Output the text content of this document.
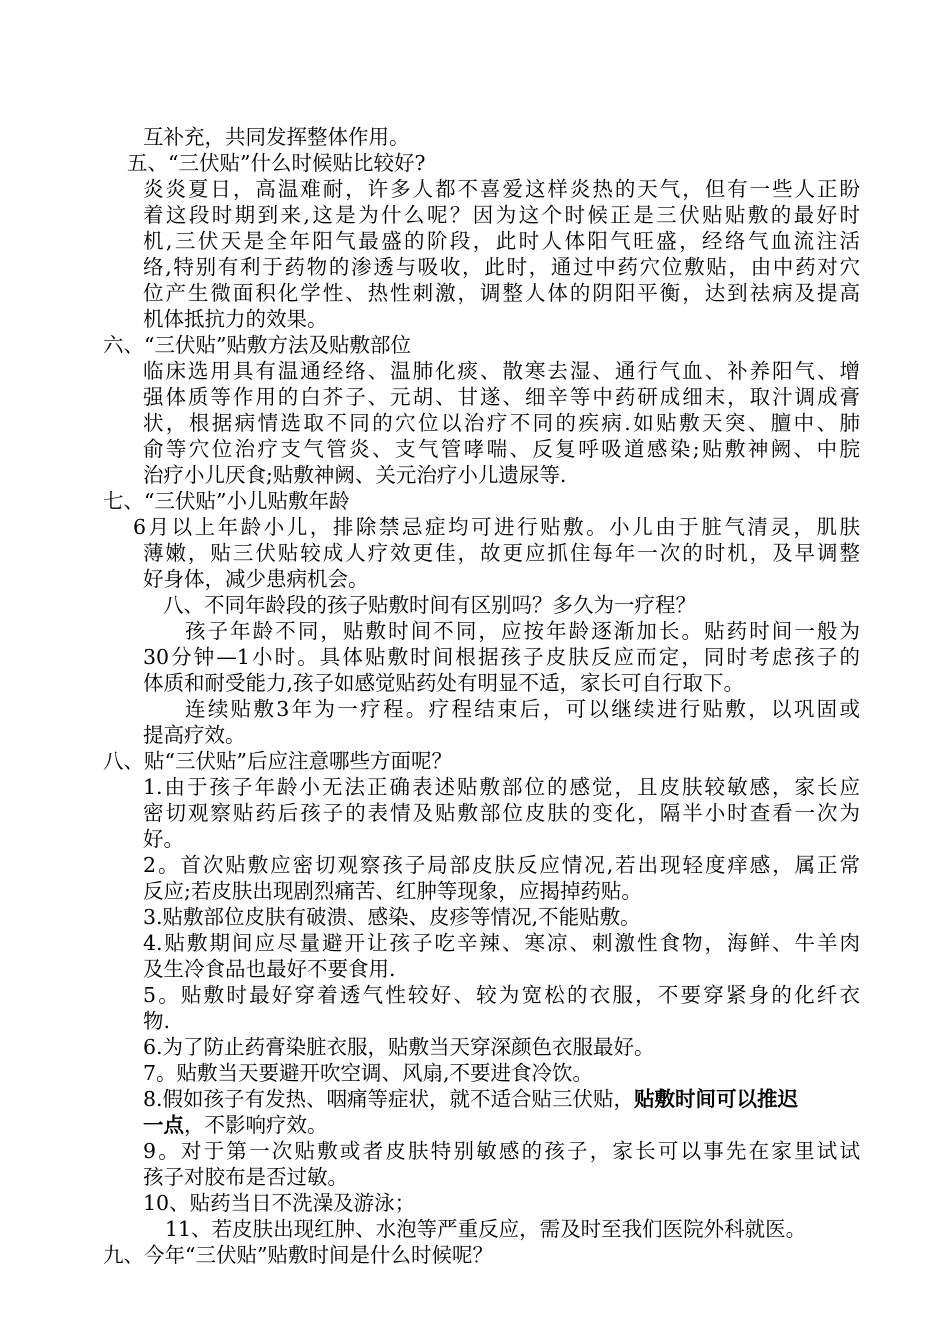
互补充，共同发挥整体作用。
五、“三伏贴”什么时候贴比较好?
炎炎夏日，高温难耐，许多人都不喜爱这样炎热的天气，但有一些人正盼
着这段时期到来,这是为什么呢？因为这个时候正是三伏贴贴敷的最好时
机,三伏天是全年阳气最盛的阶段，此时人体阳气旺盛，经络气血流注活
络,特别有利于药物的渗透与吸收，此时，通过中药穴位敷贴，由中药对穴
位产生微面积化学性、热性刺激，调整人体的阴阳平衡，达到祛病及提高
机体抵抗力的效果。
六、“三伏贴”贴敷方法及贴敷部位
临床选用具有温通经络、温肺化痰、散寒去湿、通行气血、补养阳气、增
强体质等作用的白芥子、元胡、甘遂、细辛等中药研成细末，取汁调成膏
状，根据病情选取不同的穴位以治疗不同的疾病.如贴敷天突、膻中、肺
俞等穴位治疗支气管炎、支气管哮喘、反复呼吸道感染;贴敷神阙、中脘
治疗小儿厌食;贴敷神阙、关元治疗小儿遗尿等.
七、“三伏贴”小儿贴敷年龄
6月以上年龄小儿，排除禁忌症均可进行贴敷。小儿由于脏气清灵，肌肤
薄嫩，贴三伏贴较成人疗效更佳，故更应抓住每年一次的时机，及早调整
好身体，减少患病机会。
八、不同年龄段的孩子贴敷时间有区别吗？多久为一疗程？
孩子年龄不同，贴敷时间不同，应按年龄逐渐加长。贴药时间一般为
30分钟—1小时。具体贴敷时间根据孩子皮肤反应而定，同时考虑孩子的
体质和耐受能力,孩子如感觉贴药处有明显不适，家长可自行取下。
连续贴敷3年为一疗程。疗程结束后，可以继续进行贴敷，以巩固或
提高疗效。
八、贴“三伏贴”后应注意哪些方面呢？
1.由于孩子年龄小无法正确表述贴敷部位的感觉，且皮肤较敏感，家长应
密切观察贴药后孩子的表情及贴敷部位皮肤的变化，隔半小时查看一次为
好。
2。首次贴敷应密切观察孩子局部皮肤反应情况,若出现轻度痒感，属正常
反应;若皮肤出现剧烈痛苦、红肿等现象，应揭掉药贴。
3.贴敷部位皮肤有破溃、感染、皮疹等情况,不能贴敷。
4.贴敷期间应尽量避开让孩子吃辛辣、寒凉、刺激性食物，海鲜、牛羊肉
及生冷食品也最好不要食用.
5。贴敷时最好穿着透气性较好、较为宽松的衣服，不要穿紧身的化纤衣
物.
6.为了防止药膏染脏衣服，贴敷当天穿深颜色衣服最好。
7。贴敷当天要避开吹空调、风扇,不要进食冷饮。
8.假如孩子有发热、咽痛等症状，就不适合贴三伏贴，贴敷时间可以推迟
一点，不影响疗效。
9。对于第一次贴敷或者皮肤特别敏感的孩子，家长可以事先在家里试试
孩子对胶布是否过敏。
10、贴药当日不洗澡及游泳；
11、若皮肤出现红肿、水泡等严重反应，需及时至我们医院外科就医。
九、今年“三伏贴”贴敷时间是什么时候呢？
